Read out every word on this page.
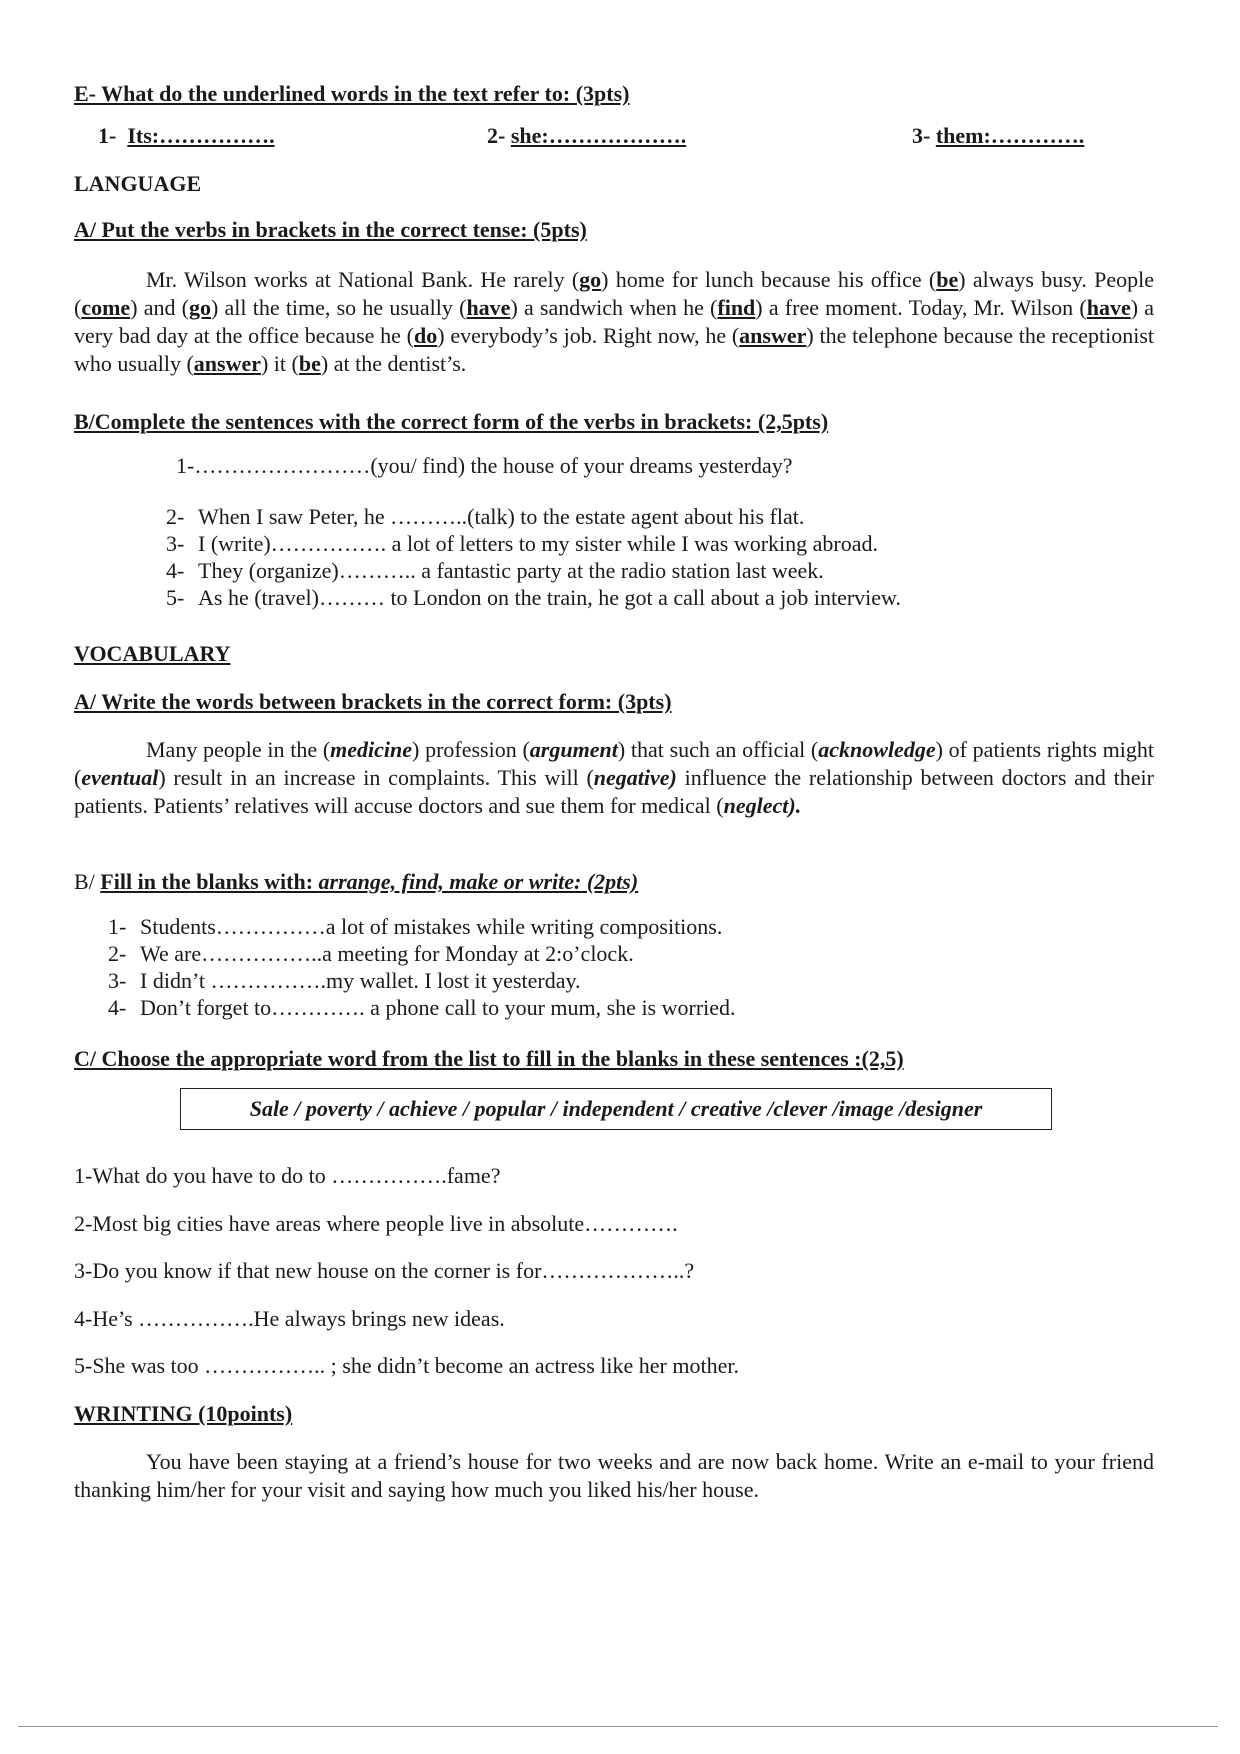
E- What do the underlined words in the text refer to: (3pts)
1- Its:…………….	2- she:……………….	3- them:………….
LANGUAGE
A/ Put the verbs in brackets in the correct tense: (5pts)

Mr. Wilson works at National Bank. He rarely (go) home for lunch because his office (be) always busy. People (come) and (go) all the time, so he usually (have) a sandwich when he (find) a free moment. Today, Mr. Wilson (have) a very bad day at the office because he (do) everybody’s job. Right now, he (answer) the telephone because the receptionist who usually (answer) it (be) at the dentist’s.

B/Complete the sentences with the correct form of the verbs in brackets: (2,5pts)
1-……………………(you/ find) the house of your dreams yesterday?
2- When I saw Peter, he ………..(talk) to the estate agent about his flat.
3- I (write)……………. a lot of letters to my sister while I was working abroad.
4- They (organize)……….. a fantastic party at the radio station last week.
5- As he (travel)……… to London on the train, he got a call about a job interview.
VOCABULARY
A/ Write the words between brackets in the correct form: (3pts)

Many people in the (medicine) profession (argument) that such an official (acknowledge) of patients rights might (eventual) result in an increase in complaints. This will (negative) influence the relationship between doctors and their patients. Patients’ relatives will accuse doctors and sue them for medical (neglect).

B/ Fill in the blanks with: arrange, find, make or write: (2pts)
1- Students……………a lot of mistakes while writing compositions.
2- We are……………..a meeting for Monday at 2:o’clock.
3- I didn’t …………….my wallet. I lost it yesterday.
4- Don’t forget to…………. a phone call to your mum, she is worried.
C/ Choose the appropriate word from the list to fill in the blanks in these sentences :(2,5)
Sale / poverty / achieve / popular / independent / creative /clever /image /designer
1-What do you have to do to …………….fame?
2-Most big cities have areas where people live in absolute………….
3-Do you know if that new house on the corner is for………………..?
4-He’s …………….He always brings new ideas.
5-She was too …………….. ; she didn’t become an actress like her mother.
WRINTING (10points)

You have been staying at a friend’s house for two weeks and are now back home. Write an e-mail to your friend thanking him/her for your visit and saying how much you liked his/her house.
